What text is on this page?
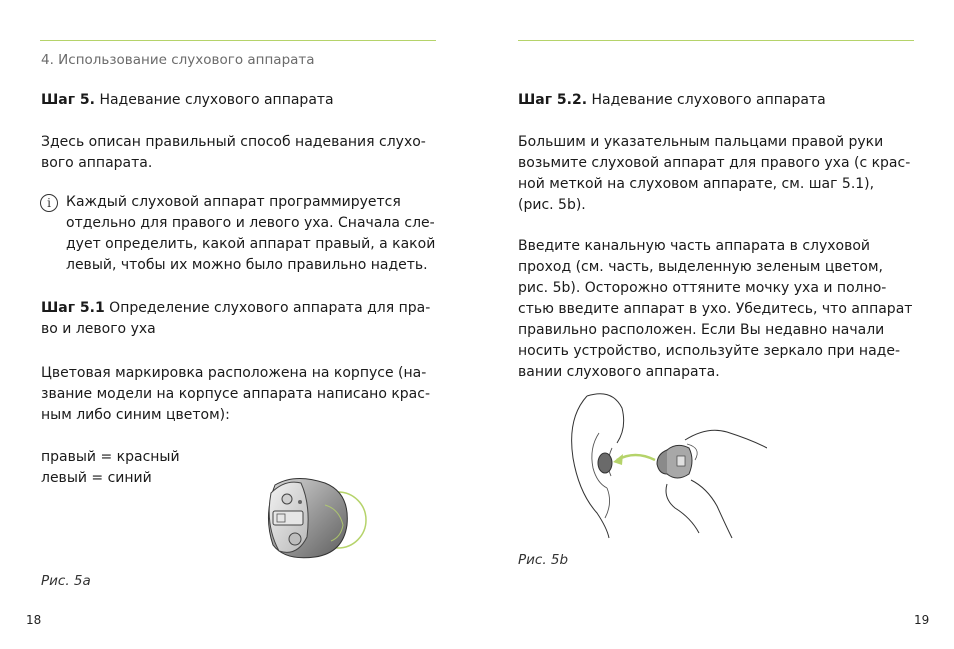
4. Использование слухового аппарата

Шаг 5. Надевание слухового аппарата

Здесь описан правильный способ надевания слухо-
вого аппарата.

i	Каждый слуховой аппарат программируется
отдельно для правого и левого уха. Сначала сле-
дует определить, какой аппарат правый, а какой
левый, чтобы их можно было правильно надеть.

Шаг 5.1 Определение слухового аппарата для пра-
во и левого уха

Цветовая маркировка расположена на корпусе (на-
звание модели на корпусе аппарата написано крас-
ным либо синим цветом):

правый = красный
левый = синий

Рис. 5a
18

Шаг 5.2. Надевание слухового аппарата

Большим и указательным пальцами правой руки
возьмите слуховой аппарат для правого уха (с крас-
ной меткой на слуховом аппарате, см. шаг 5.1),
(рис. 5b).

Введите канальную часть аппарата в слуховой
проход (см. часть, выделенную зеленым цветом,
рис. 5b). Осторожно оттяните мочку уха и полно-
стью введите аппарат в ухо. Убедитесь, что аппарат
правильно расположен. Если Вы недавно начали
носить устройство, используйте зеркало при наде-
вании слухового аппарата.

Рис. 5b
19
